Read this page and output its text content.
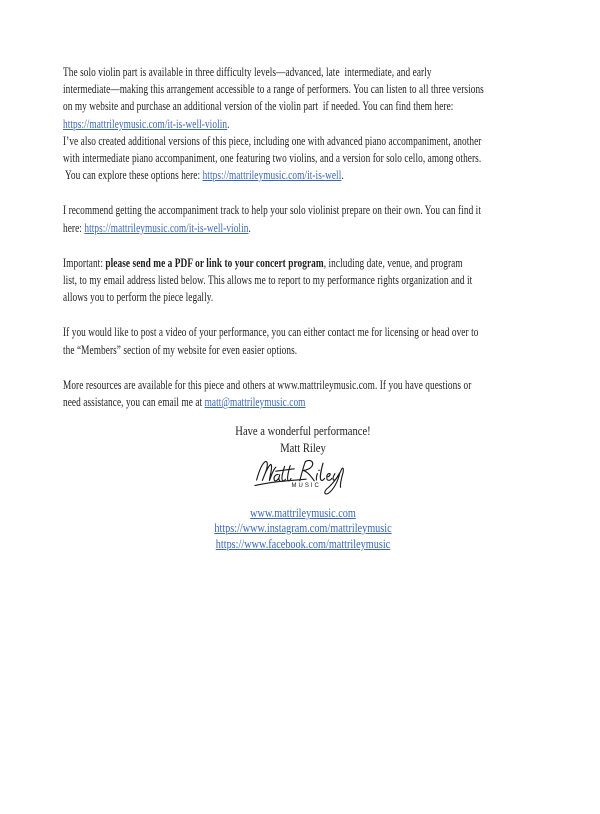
The solo violin part is available in three difficulty levels—advanced, late  intermediate, and early
intermediate—making this arrangement accessible to a range of performers. You can listen to all three versions
on my website and purchase an additional version of the violin part  if needed. You can find them here:
https://mattrileymusic.com/it-is-well-violin.
I’ve also created additional versions of this piece, including one with advanced piano accompaniment, another
with intermediate piano accompaniment, one featuring two violins, and a version for solo cello, among others.
You can explore these options here: https://mattrileymusic.com/it-is-well.
I recommend getting the accompaniment track to help your solo violinist prepare on their own. You can find it
here: https://mattrileymusic.com/it-is-well-violin.
Important: please send me a PDF or link to your concert program, including date, venue, and program
list, to my email address listed below. This allows me to report to my performance rights organization and it
allows you to perform the piece legally.
If you would like to post a video of your performance, you can either contact me for licensing or head over to
the “Members” section of my website for even easier options.
More resources are available for this piece and others at www.mattrileymusic.com. If you have questions or
need assistance, you can email me at matt@mattrileymusic.com
Have a wonderful performance!
Matt Riley
MUSIC
www.mattrileymusic.com
https://www.instagram.com/mattrileymusic
https://www.facebook.com/mattrileymusic
